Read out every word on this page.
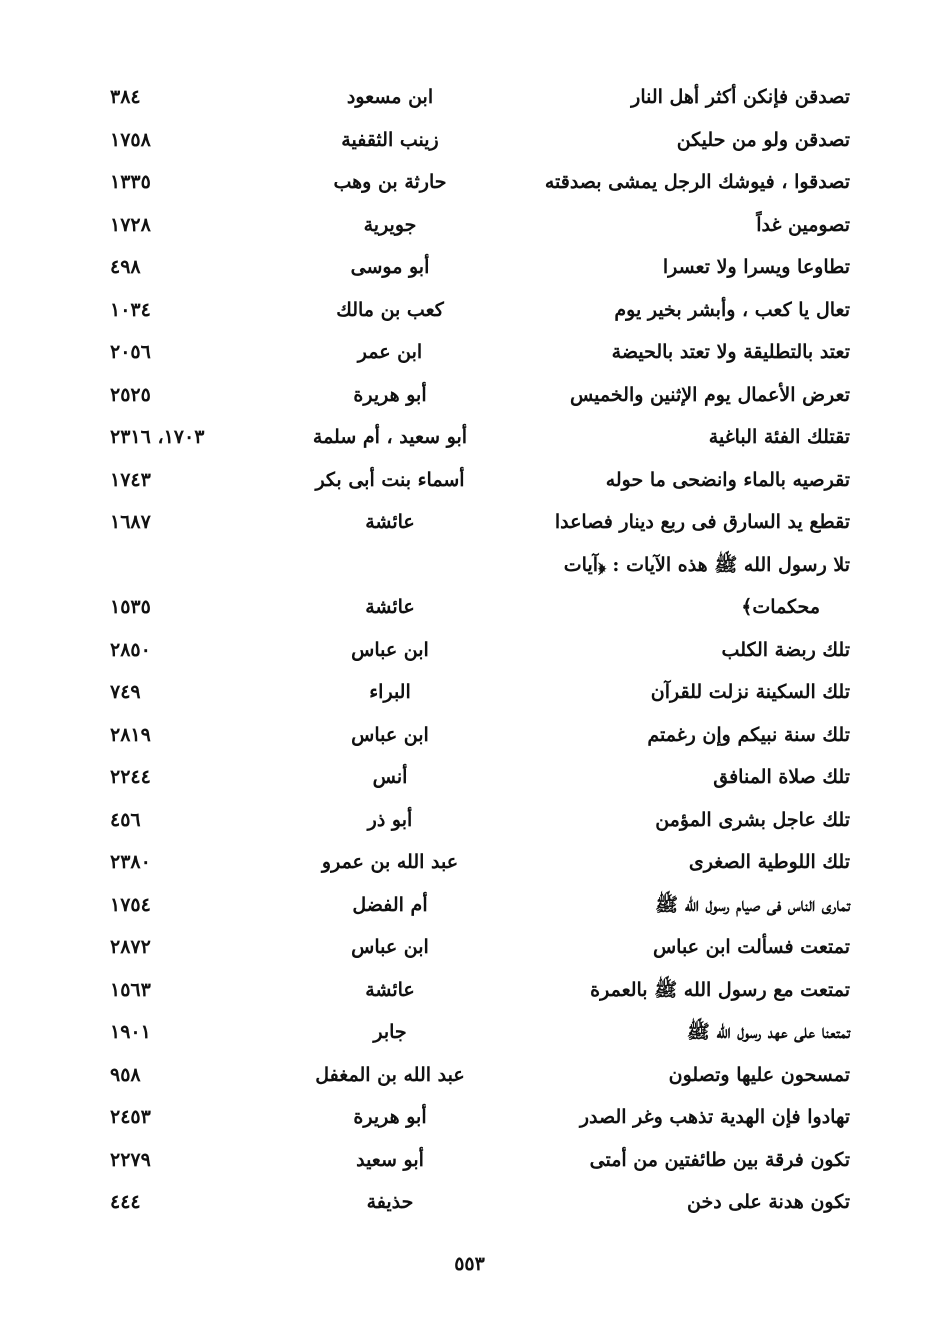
تصدقن فإنكن أكثر أهل النار
ابن مسعود
٣٨٤
تصدقن ولو من حليكن
زينب الثقفية
١٧٥٨
تصدقوا ، فيوشك الرجل يمشى بصدقته
حارثة بن وهب
١٣٣٥
تصومين غداً
جويرية
١٧٢٨
تطاوعا ويسرا ولا تعسرا
أبو موسى
٤٩٨
تعال يا كعب ، وأبشر بخير يوم
كعب بن مالك
١٠٣٤
تعتد بالتطليقة ولا تعتد بالحيضة
ابن عمر
٢٠٥٦
تعرض الأعمال يوم الإثنين والخميس
أبو هريرة
٢٥٢٥
تقتلك الفئة الباغية
أبو سعيد ، أم سلمة
١٧٠٣، ٢٣١٦
تقرصيه بالماء وانضحى ما حوله
أسماء بنت أبى بكر
١٧٤٣
تقطع يد السارق فى ربع دينار فصاعدا
عائشة
١٦٨٧
تلا رسول الله ﷺ هذه الآيات : ﴿آيات
محكمات﴾
عائشة
١٥٣٥
تلك ربضة الكلب
ابن عباس
٢٨٥٠
تلك السكينة نزلت للقرآن
البراء
٧٤٩
تلك سنة نبيكم وإن رغمتم
ابن عباس
٢٨١٩
تلك صلاة المنافق
أنس
٢٢٤٤
تلك عاجل بشرى المؤمن
أبو ذر
٤٥٦
تلك اللوطية الصغرى
عبد الله بن عمرو
٢٣٨٠
تمارى الناس فى صيام رسول الله ﷺ
أم الفضل
١٧٥٤
تمتعت فسألت ابن عباس
ابن عباس
٢٨٧٢
تمتعت مع رسول الله ﷺ بالعمرة
عائشة
١٥٦٣
تمتعنا على عهد رسول الله ﷺ
جابر
١٩٠١
تمسحون عليها وتصلون
عبد الله بن المغفل
٩٥٨
تهادوا فإن الهدية تذهب وغر الصدر
أبو هريرة
٢٤٥٣
تكون فرقة بين طائفتين من أمتى
أبو سعيد
٢٢٧٩
تكون هدنة على دخن
حذيفة
٤٤٤
٥٥٣
